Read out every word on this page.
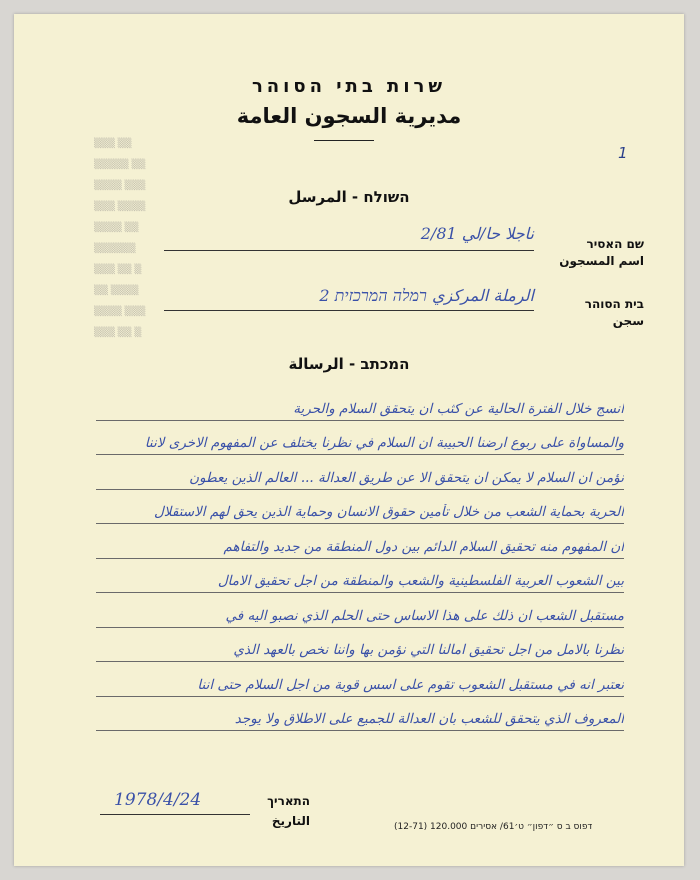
שרות בתי הסוהר
مديرية السجون العامة
1
▒▒▒ ▒▒
▒▒▒▒▒ ▒▒
▒▒▒▒ ▒▒▒
▒▒▒ ▒▒▒▒
▒▒▒▒ ▒▒
▒▒▒▒▒▒
▒▒▒ ▒▒ ▒
▒▒ ▒▒▒▒
▒▒▒▒ ▒▒▒
▒▒▒ ▒▒ ▒
השולח - المرسل
שם האסיר
اسم المسجون
ناجلا حا/لي 2/81
בית הסוהר
سجن
الرملة المركزي רמלה המרכזית 2
המכתב - الرسالة
انسج خلال الفترة الحالية عن كثب ان يتحقق السلام والحرية
والمساواة على ربوع ارضنا الحبيبة ان السلام في نظرنا يختلف عن المفهوم الاخرى لاننا
نؤمن ان السلام لا يمكن ان يتحقق الا عن طريق العدالة ... العالم الذين يعطون
الحرية بحماية الشعب من خلال تأمين حقوق الانسان وحماية الذين يحق لهم الاستقلال
ان المفهوم منه تحقيق السلام الدائم بين دول المنطقة من جديد والتفاهم
بين الشعوب العربية الفلسطينية والشعب والمنطقة من اجل تحقيق الامال
مستقبل الشعب ان ذلك على هذا الاساس حتى الحلم الذي نصبو اليه في
نظرنا بالامل من اجل تحقيق امالنا التي نؤمن بها واننا نخص بالعهد الذي
نعتبر انه في مستقبل الشعوب تقوم على اسس قوية من اجل السلام حتى اننا
المعروف الذي يتحقق للشعب بان العدالة للجميع على الاطلاق ولا يوجد
התאריך
التاريخ
1978/4/24
דפוס ב ס ״דפון״ ט׳61/ אסירים 120.000 (12-71)
